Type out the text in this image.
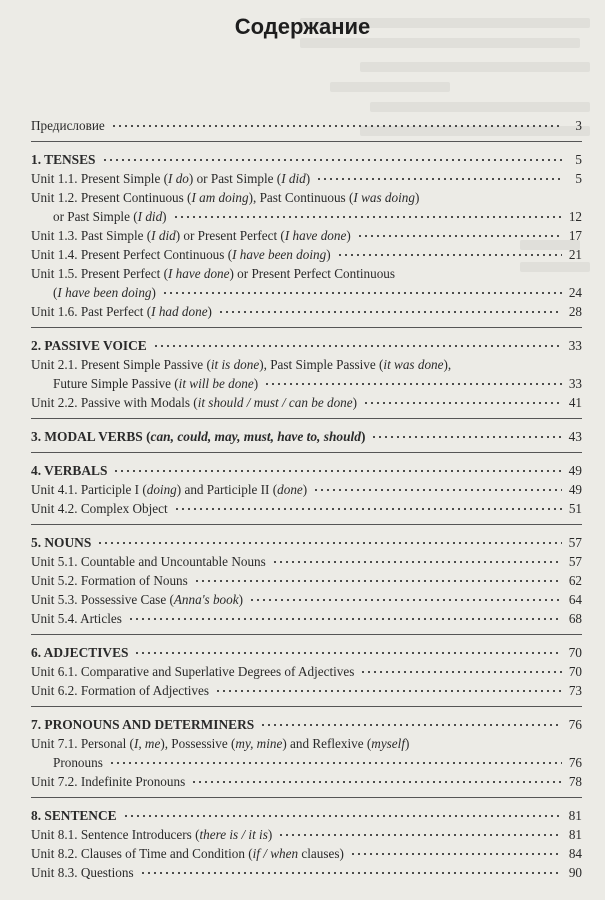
Содержание
Предисловие	3
1. TENSES	5
Unit 1.1. Present Simple (I do) or Past Simple (I did)	5
Unit 1.2. Present Continuous (I am doing), Past Continuous (I was doing)
or Past Simple (I did)	12
Unit 1.3. Past Simple (I did) or Present Perfect (I have done)	17
Unit 1.4. Present Perfect Continuous (I have been doing)	21
Unit 1.5. Present Perfect (I have done) or Present Perfect Continuous
(I have been doing)	24
Unit 1.6. Past Perfect (I had done)	28
2. PASSIVE VOICE	33
Unit 2.1. Present Simple Passive (it is done), Past Simple Passive (it was done),
Future Simple Passive (it will be done)	33
Unit 2.2. Passive with Modals (it should / must / can be done)	41
3. MODAL VERBS (can, could, may, must, have to, should)	43
4. VERBALS	49
Unit 4.1. Participle I (doing) and Participle II (done)	49
Unit 4.2. Complex Object	51
5. NOUNS	57
Unit 5.1. Countable and Uncountable Nouns	57
Unit 5.2. Formation of Nouns	62
Unit 5.3. Possessive Case (Anna's book)	64
Unit 5.4. Articles	68
6. ADJECTIVES	70
Unit 6.1. Comparative and Superlative Degrees of Adjectives	70
Unit 6.2. Formation of Adjectives	73
7. PRONOUNS AND DETERMINERS	76
Unit 7.1. Personal (I, me), Possessive (my, mine) and Reflexive (myself)
Pronouns	76
Unit 7.2. Indefinite Pronouns	78
8. SENTENCE	81
Unit 8.1. Sentence Introducers (there is / it is)	81
Unit 8.2. Clauses of Time and Condition (if / when clauses)	84
Unit 8.3. Questions	90
